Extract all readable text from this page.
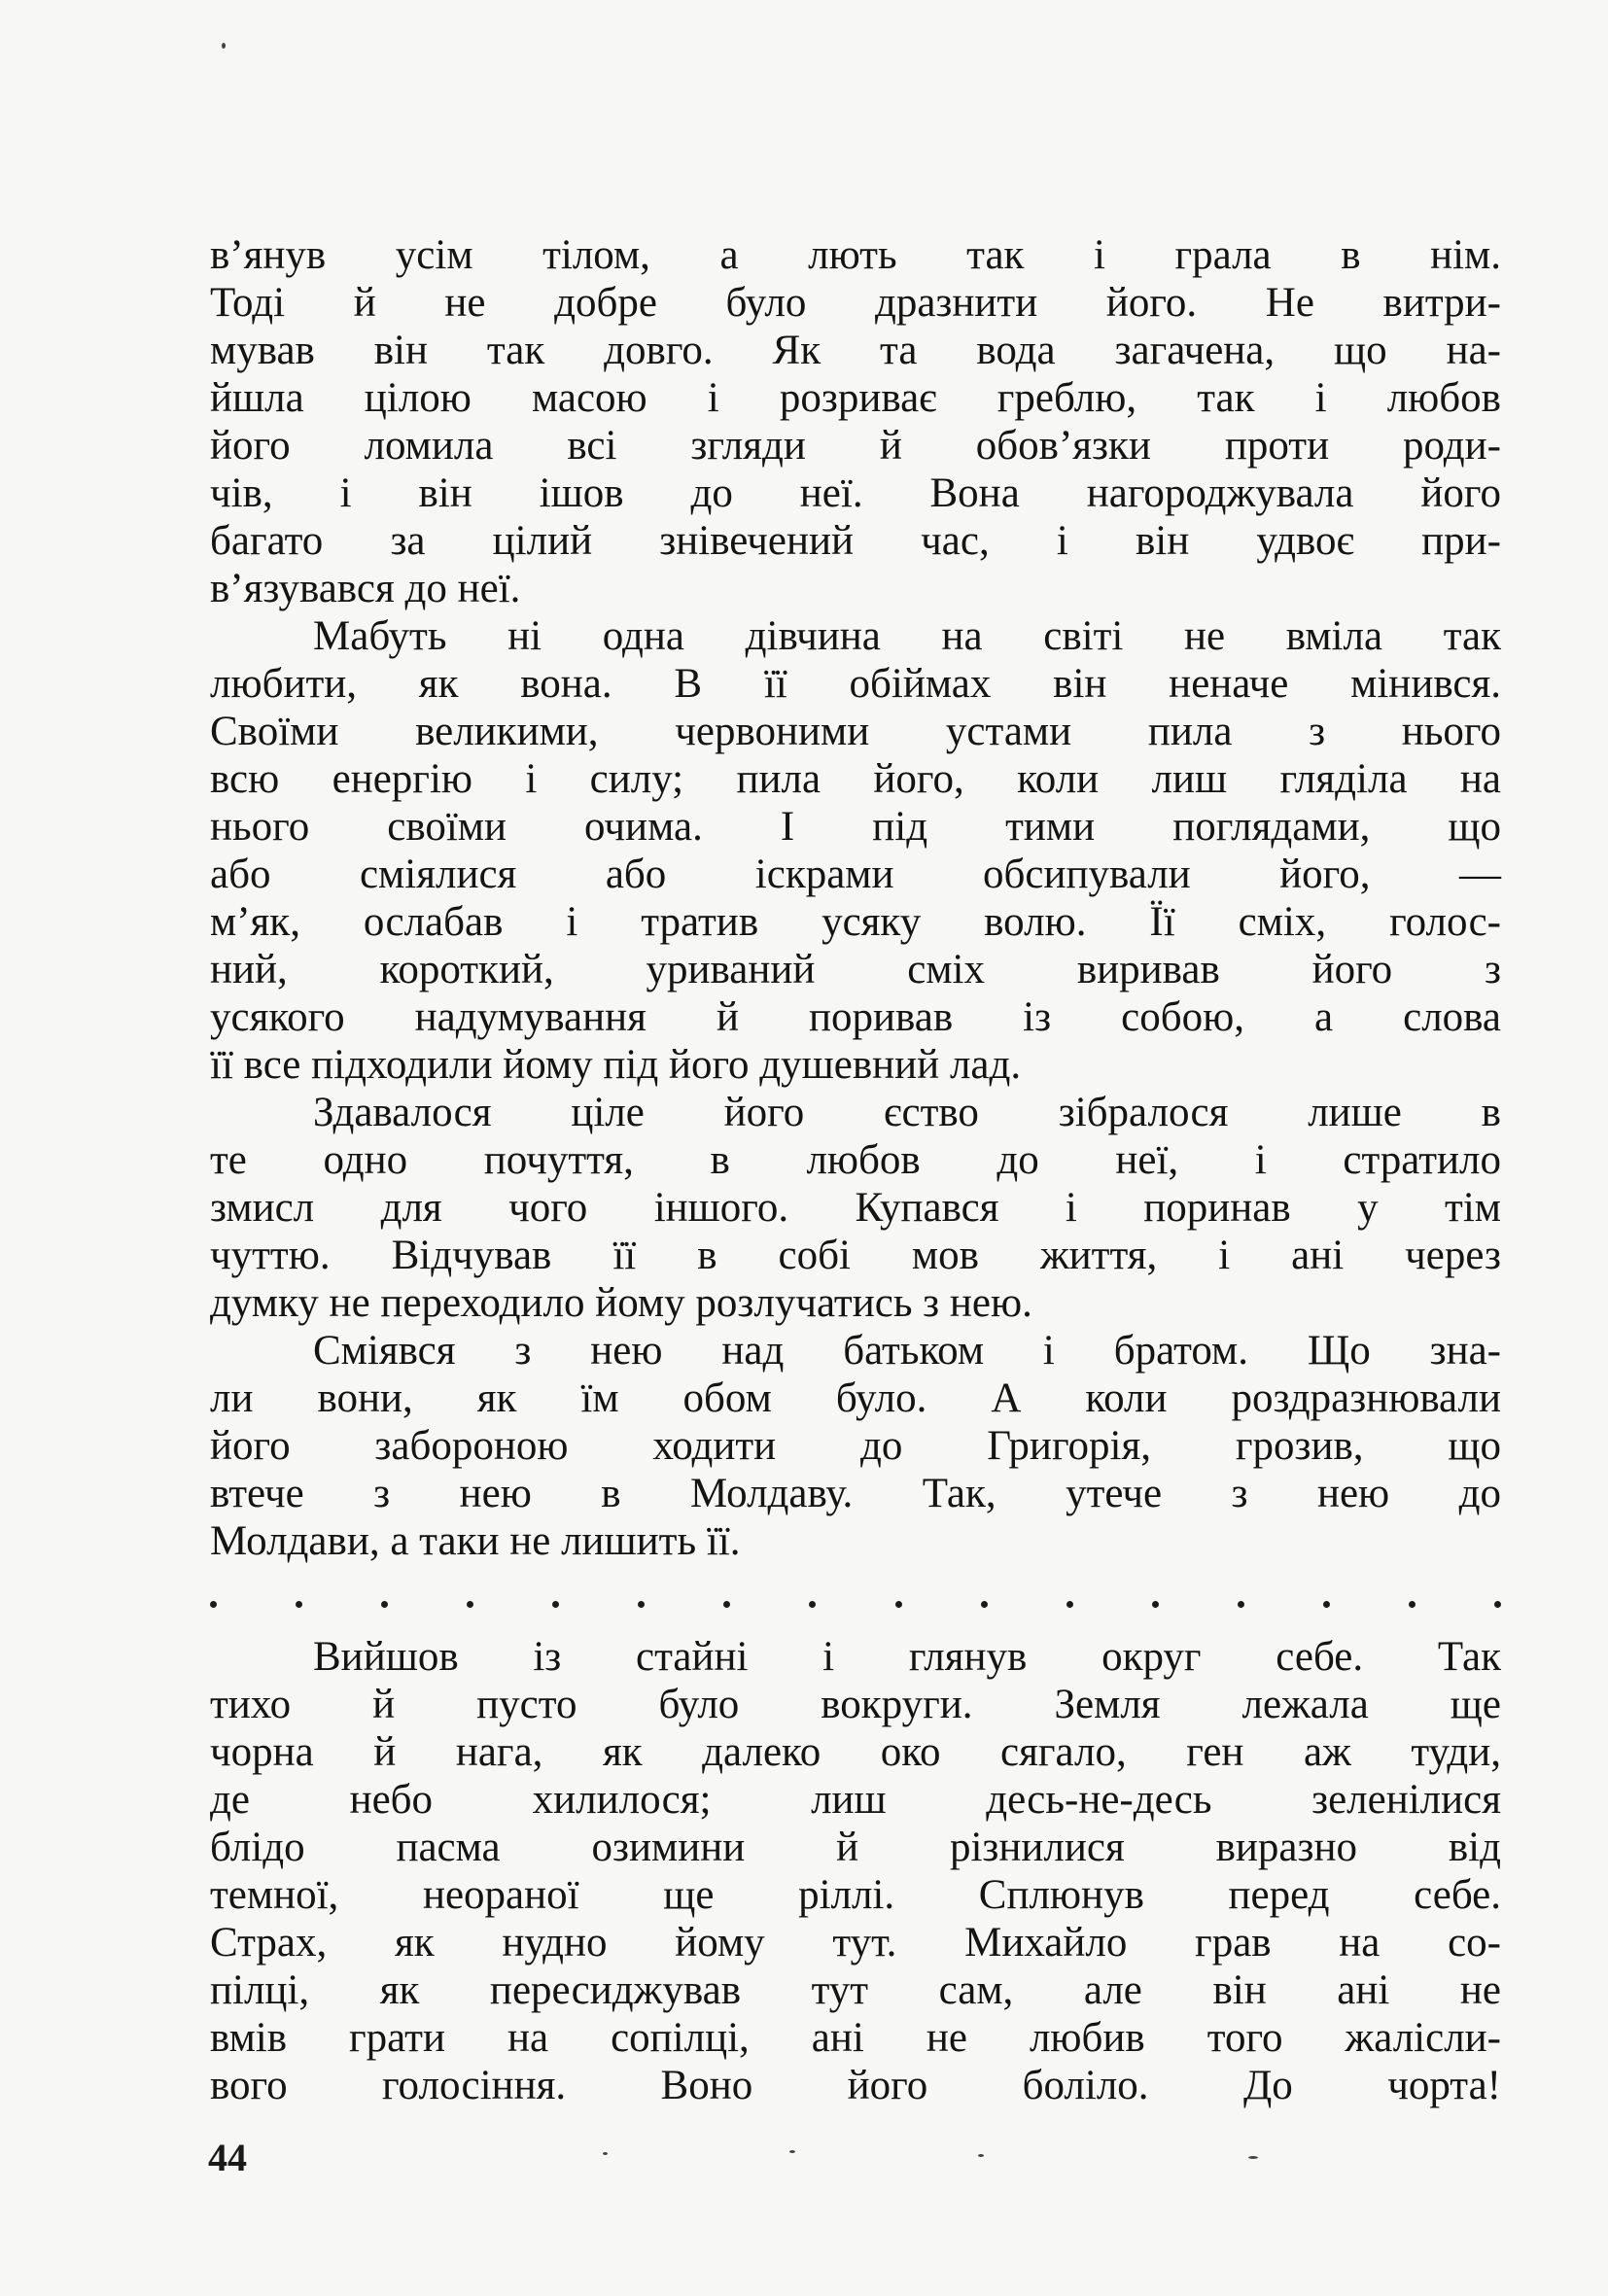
в’янув усім тілом, а лють так і грала в нім.
Тоді й не добре було дразнити його. Не витри-
мував він так довго. Як та вода загачена, що на-
йшла цілою масою і розриває греблю, так і любов
його ломила всі згляди й обов’язки проти роди-
чів, і він ішов до неї. Вона нагороджувала його
багато за цілий знівечений час, і він удвоє при-
в’язувався до неї.
Мабуть ні одна дівчина на світі не вміла так
любити, як вона. В її обіймах він неначе мінився.
Своїми великими, червоними устами пила з нього
всю енергію і силу; пила його, коли лиш гляділа на
нього своїми очима. І під тими поглядами, що
або сміялися або іскрами обсипували його, —
м’як, ослабав і тратив усяку волю. Її сміх, голос-
ний, короткий, уриваний сміх виривав його з
усякого надумування й поривав із собою, а слова
її все підходили йому під його душевний лад.
Здавалося ціле його єство зібралося лише в
те одно почуття, в любов до неї, і стратило
змисл для чого іншого. Купався і поринав у тім
чуттю. Відчував її в собі мов життя, і ані через
думку не переходило йому розлучатись з нею.
Сміявся з нею над батьком і братом. Що зна-
ли вони, як їм обом було. А коли роздразнювали
його забороною ходити до Григорія, грозив, що
втече з нею в Молдаву. Так, утече з нею до
Молдави, а таки не лишить її.
Вийшов із стайні і глянув округ себе. Так
тихо й пусто було вокруги. Земля лежала ще
чорна й нага, як далеко око сягало, ген аж туди,
де небо хилилося; лиш десь-не-десь зеленілися
блідо пасма озимини й різнилися виразно від
темної, неораної ще ріллі. Сплюнув перед себе.
Страх, як нудно йому тут. Михайло грав на со-
пілці, як пересиджував тут сам, але він ані не
вмів грати на сопілці, ані не любив того жалісли-
вого голосіння. Воно його боліло. До чорта!
44
